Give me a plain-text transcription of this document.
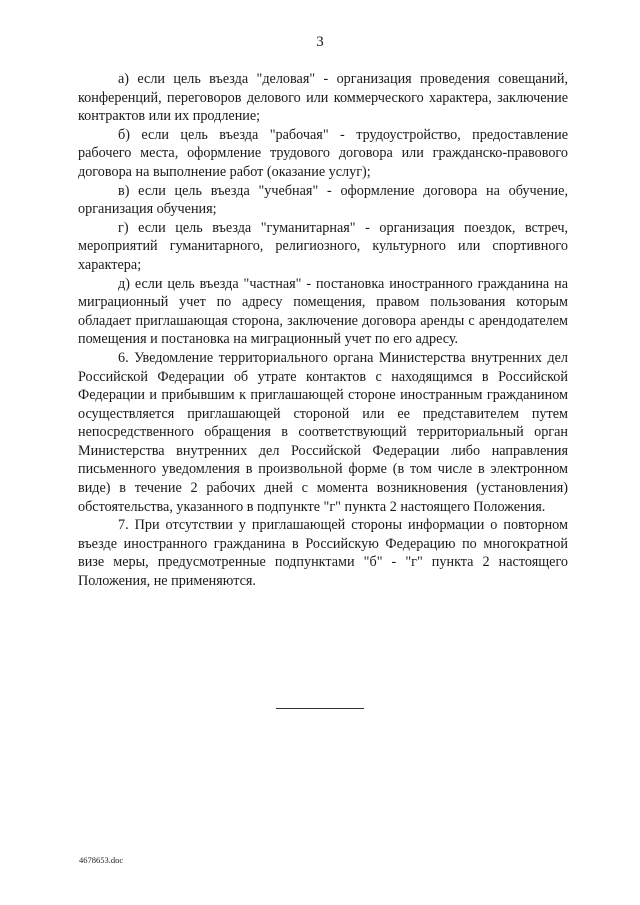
3

а) если цель въезда "деловая" - организация проведения совещаний, конференций, переговоров делового или коммерческого характера, заключение контрактов или их продление;

б) если цель въезда "рабочая" - трудоустройство, предоставление рабочего места, оформление трудового договора или гражданско-правового договора на выполнение работ (оказание услуг);

в) если цель въезда "учебная" - оформление договора на обучение, организация обучения;

г) если цель въезда "гуманитарная" - организация поездок, встреч, мероприятий гуманитарного, религиозного, культурного или спортивного характера;

д) если цель въезда "частная" - постановка иностранного гражданина на миграционный учет по адресу помещения, правом пользования которым обладает приглашающая сторона, заключение договора аренды с арендодателем помещения и постановка на миграционный учет по его адресу.

6. Уведомление территориального органа Министерства внутренних дел Российской Федерации об утрате контактов с находящимся в Российской Федерации и прибывшим к приглашающей стороне иностранным гражданином осуществляется приглашающей стороной или ее представителем путем непосредственного обращения в соответствующий территориальный орган Министерства внутренних дел Российской Федерации либо направления письменного уведомления в произвольной форме (в том числе в электронном виде) в течение 2 рабочих дней с момента возникновения (установления) обстоятельства, указанного в подпункте "г" пункта 2 настоящего Положения.

7. При отсутствии у приглашающей стороны информации о повторном въезде иностранного гражданина в Российскую Федерацию по многократной визе меры, предусмотренные подпунктами "б" - "г" пункта 2 настоящего Положения, не применяются.

4678653.doc
